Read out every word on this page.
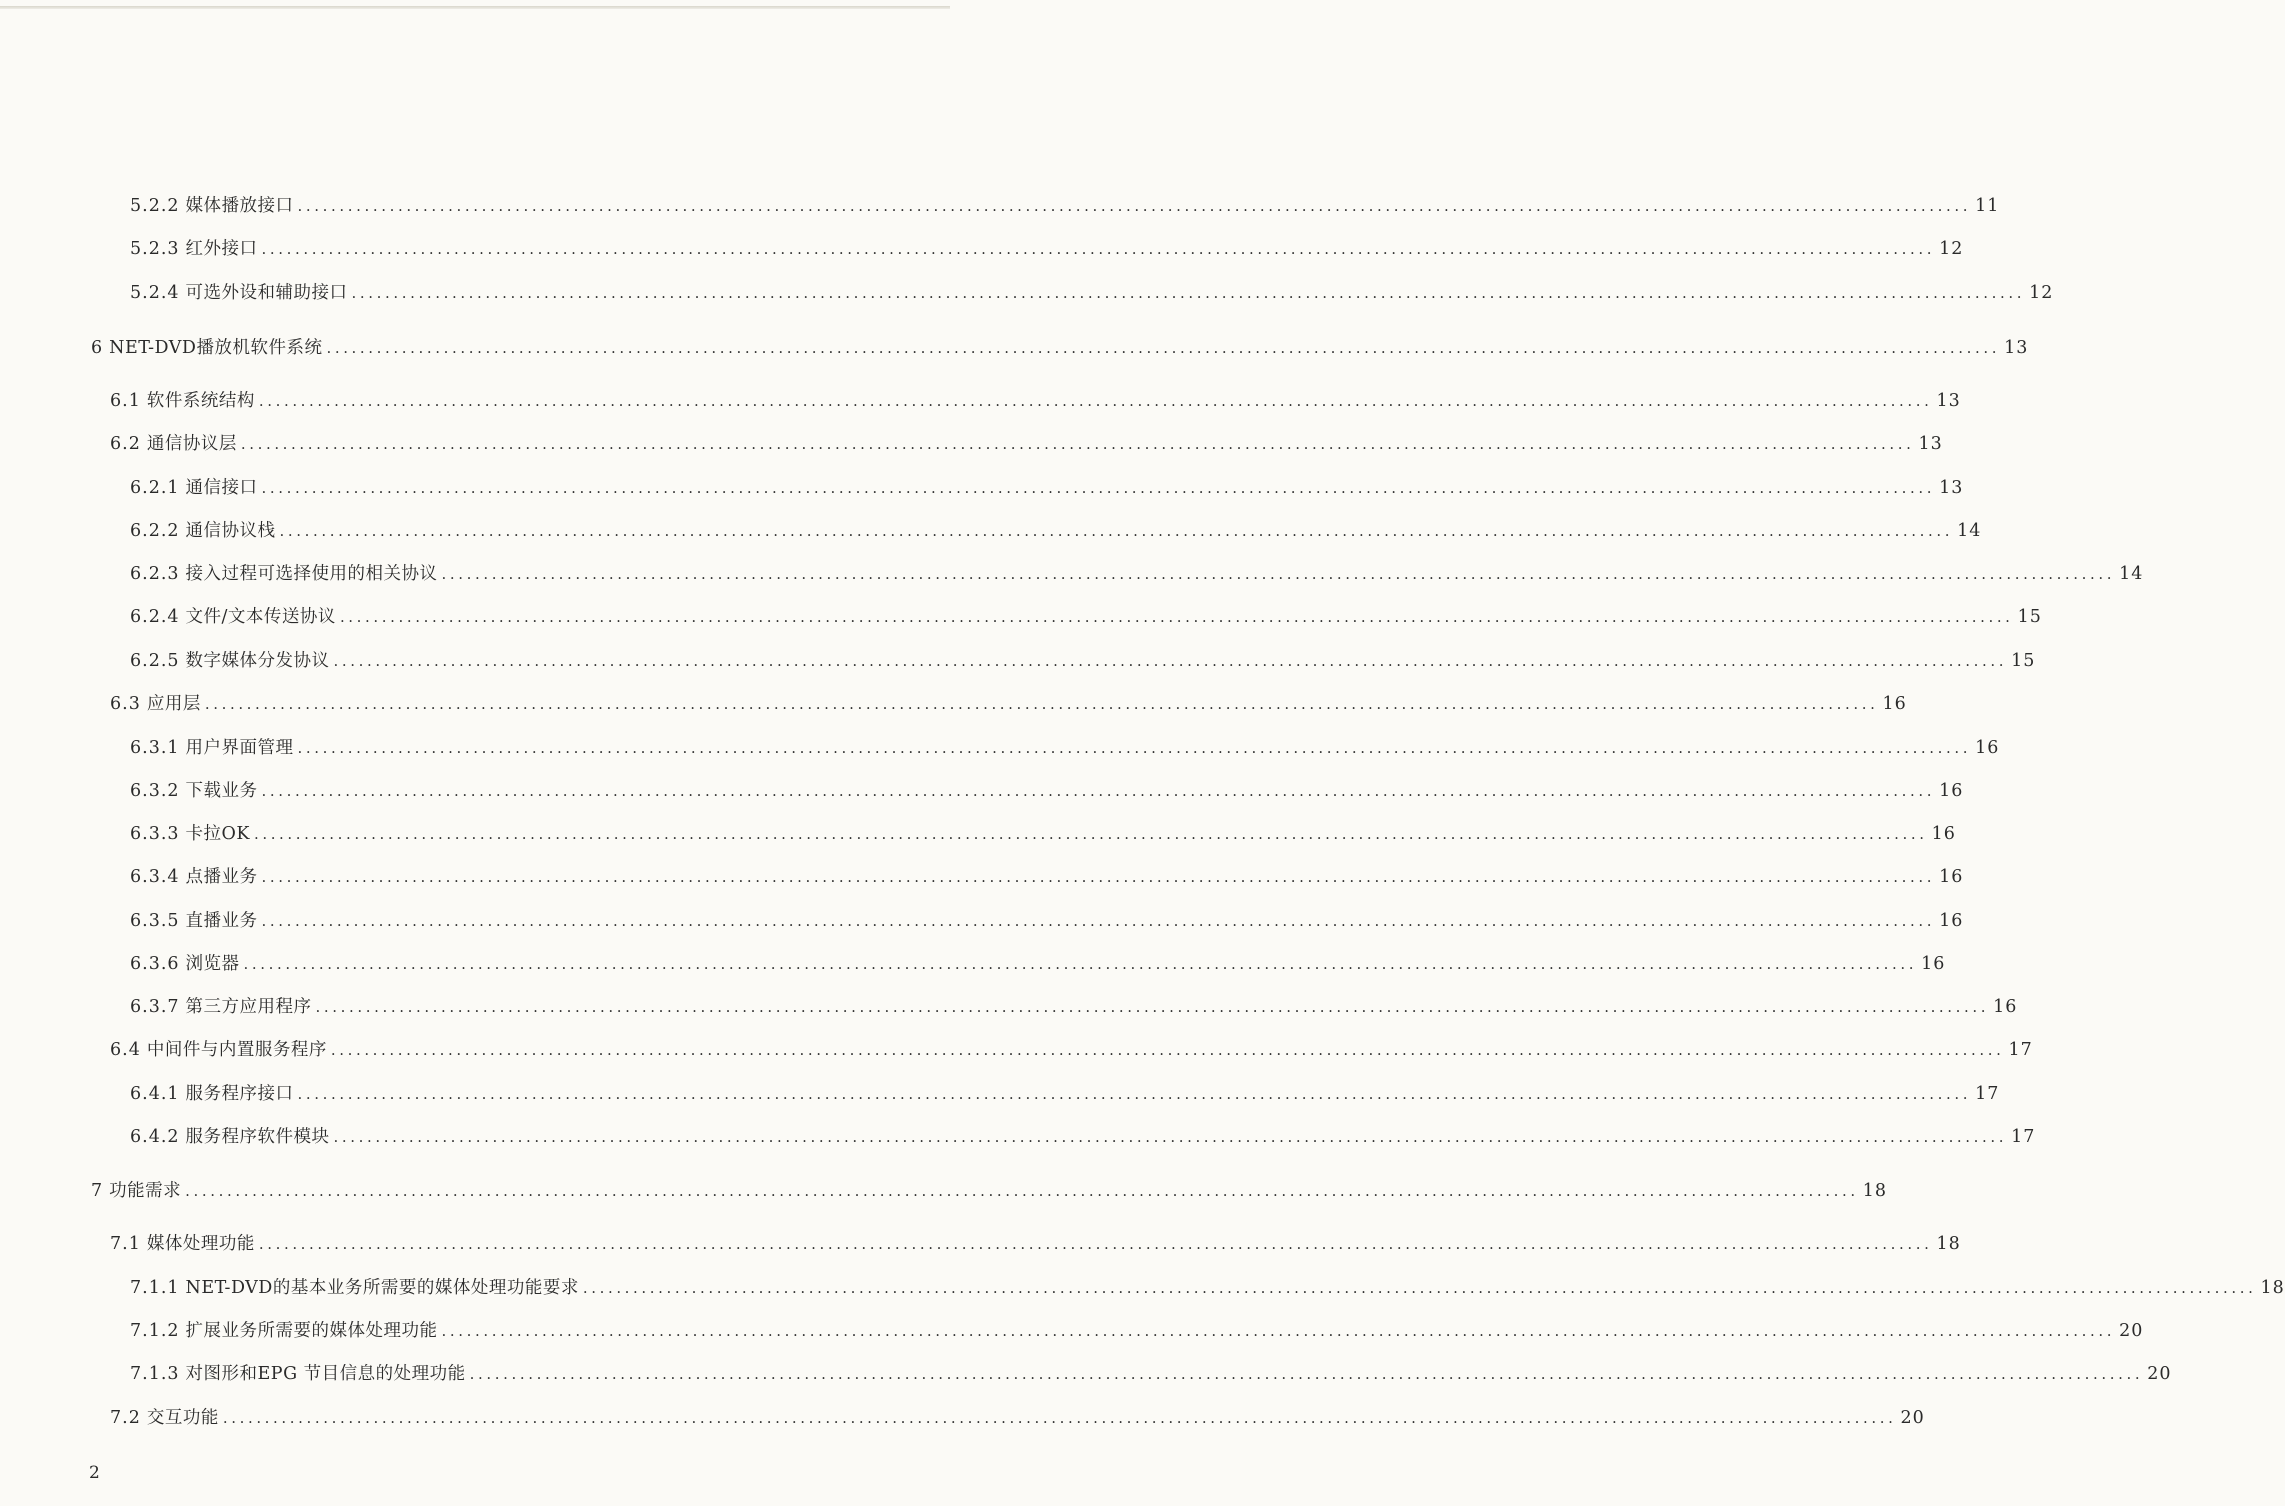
5.2.2 媒体播放接口 ........................................................................................................................................................................................................ 11
5.2.3 红外接口 ........................................................................................................................................................................................................ 12
5.2.4 可选外设和辅助接口 ........................................................................................................................................................................................................ 12
6 NET-DVD播放机软件系统 ........................................................................................................................................................................................................ 13
6.1 软件系统结构 ........................................................................................................................................................................................................ 13
6.2 通信协议层 ........................................................................................................................................................................................................ 13
6.2.1 通信接口 ........................................................................................................................................................................................................ 13
6.2.2 通信协议栈 ........................................................................................................................................................................................................ 14
6.2.3 接入过程可选择使用的相关协议 ........................................................................................................................................................................................................ 14
6.2.4 文件/文本传送协议 ........................................................................................................................................................................................................ 15
6.2.5 数字媒体分发协议 ........................................................................................................................................................................................................ 15
6.3 应用层 ........................................................................................................................................................................................................ 16
6.3.1 用户界面管理 ........................................................................................................................................................................................................ 16
6.3.2 下载业务 ........................................................................................................................................................................................................ 16
6.3.3 卡拉OK ........................................................................................................................................................................................................ 16
6.3.4 点播业务 ........................................................................................................................................................................................................ 16
6.3.5 直播业务 ........................................................................................................................................................................................................ 16
6.3.6 浏览器 ........................................................................................................................................................................................................ 16
6.3.7 第三方应用程序 ........................................................................................................................................................................................................ 16
6.4 中间件与内置服务程序 ........................................................................................................................................................................................................ 17
6.4.1 服务程序接口 ........................................................................................................................................................................................................ 17
6.4.2 服务程序软件模块 ........................................................................................................................................................................................................ 17
7 功能需求 ........................................................................................................................................................................................................ 18
7.1 媒体处理功能 ........................................................................................................................................................................................................ 18
7.1.1 NET-DVD的基本业务所需要的媒体处理功能要求 ........................................................................................................................................................................................................ 18
7.1.2 扩展业务所需要的媒体处理功能 ........................................................................................................................................................................................................ 20
7.1.3 对图形和EPG 节目信息的处理功能 ........................................................................................................................................................................................................ 20
7.2 交互功能 ........................................................................................................................................................................................................ 20
2
